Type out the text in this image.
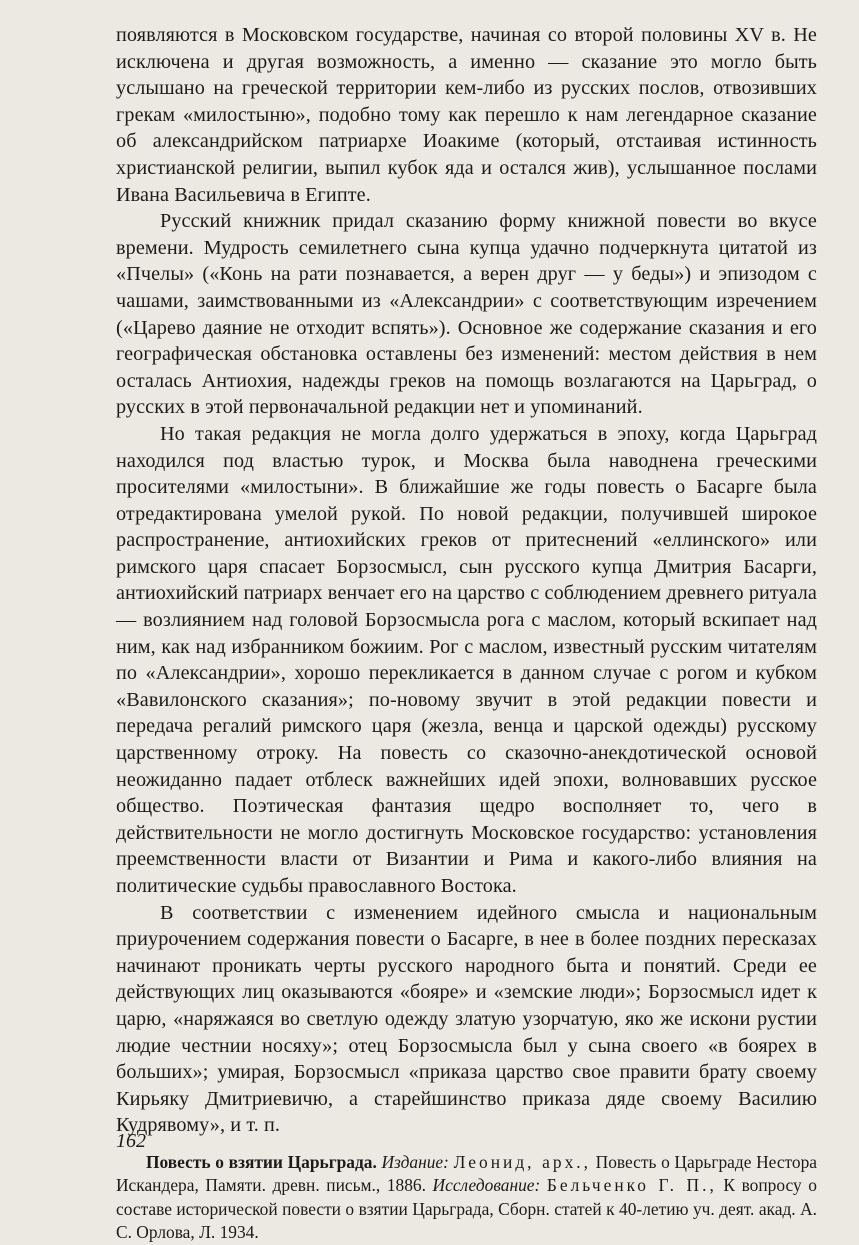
появляются в Московском государстве, начиная со второй половины XV в. Не исключена и другая возможность, а именно — сказание это могло быть услышано на греческой территории кем-либо из русских послов, отвозивших грекам «милостыню», подобно тому как перешло к нам легендарное сказание об александрийском патриархе Иоакиме (который, отстаивая истинность христианской религии, выпил кубок яда и остался жив), услышанное послами Ивана Васильевича в Египте.

Русский книжник придал сказанию форму книжной повести во вкусе времени. Мудрость семилетнего сына купца удачно подчеркнута цитатой из «Пчелы» («Конь на рати познавается, а верен друг — у беды») и эпизодом с чашами, заимствованными из «Александрии» с соответствующим изречением («Царево даяние не отходит вспять»). Основное же содержание сказания и его географическая обстановка оставлены без изменений: местом действия в нем осталась Антиохия, надежды греков на помощь возлагаются на Царьград, о русских в этой первоначальной редакции нет и упоминаний.

Но такая редакция не могла долго удержаться в эпоху, когда Царьград находился под властью турок, и Москва была наводнена греческими просителями «милостыни». В ближайшие же годы повесть о Басарге была отредактирована умелой рукой. По новой редакции, получившей широкое распространение, антиохийских греков от притеснений «еллинского» или римского царя спасает Борзосмысл, сын русского купца Дмитрия Басарги, антиохийский патриарх венчает его на царство с соблюдением древнего ритуала — возлиянием над головой Борзосмысла рога с маслом, который вскипает над ним, как над избранником божиим. Рог с маслом, известный русским читателям по «Александрии», хорошо перекликается в данном случае с рогом и кубком «Вавилонского сказания»; по-новому звучит в этой редакции повести и передача регалий римского царя (жезла, венца и царской одежды) русскому царственному отроку. На повесть со сказочно-анекдотической основой неожиданно падает отблеск важнейших идей эпохи, волновавших русское общество. Поэтическая фантазия щедро восполняет то, чего в действительности не могло достигнуть Московское государство: установления преемственности власти от Византии и Рима и какого-либо влияния на политические судьбы православного Востока.

В соответствии с изменением идейного смысла и национальным приурочением содержания повести о Басарге, в нее в более поздних пересказах начинают проникать черты русского народного быта и понятий. Среди ее действующих лиц оказываются «бояре» и «земские люди»; Борзосмысл идет к царю, «наряжаяся во светлую одежду златую узорчатую, яко же искони рустии людие честнии носяху»; отец Борзосмысла был у сына своего «в боярех в больших»; умирая, Борзосмысл «приказа царство свое правити брату своему Кирьяку Дмитриевичю, а старейшинство приказа дяде своему Василию Кудрявому», и т. п.

Повесть о взятии Царьграда. Издание: Леонид, арх., Повесть о Царьграде Нестора Искандера, Памяти. древн. письм., 1886. Исследование: Бельченко Г. П., К вопросу о составе исторической повести о взятии Царьграда, Сборн. статей к 40-летию уч. деят. акад. А. С. Орлова, Л. 1934.
162
